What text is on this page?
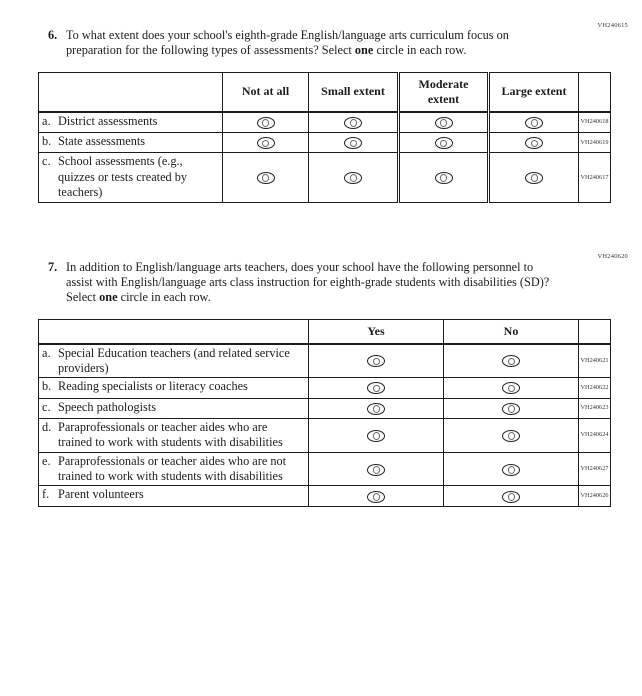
VH240615
VH240620
6. To what extent does your school's eighth-grade English/language arts curriculum focus on preparation for the following types of assessments? Select one circle in each row.
	Not at all	Small extent	Moderate extent	Large extent	

a. District assessments					VH240618

b. State assessments					VH240619

c. School assessments (e.g., quizzes or tests created by teachers)					VH240617
7. In addition to English/language arts teachers, does your school have the following personnel to assist with English/language arts class instruction for eighth-grade students with disabilities (SD)? Select one circle in each row.
	Yes	No	

a. Special Education teachers (and related service providers)			VH240621

b. Reading specialists or literacy coaches			VH240622

c. Speech pathologists			VH240623

d. Paraprofessionals or teacher aides who are trained to work with students with disabilities			VH240624

e. Paraprofessionals or teacher aides who are not trained to work with students with disabilities			VH240627

f. Parent volunteers			VH240626
